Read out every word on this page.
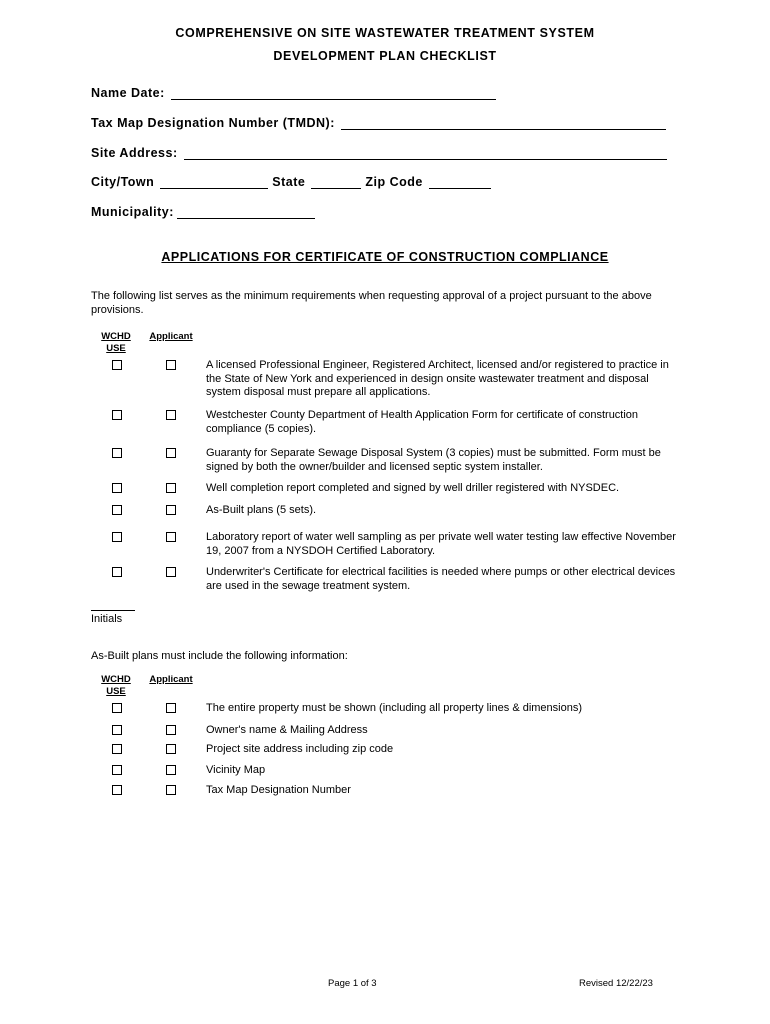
COMPREHENSIVE ON SITE WASTEWATER TREATMENT SYSTEM
DEVELOPMENT PLAN CHECKLIST
Name Date:
Tax Map Designation Number (TMDN):
Site Address:
City/Town	State	Zip Code
Municipality:
APPLICATIONS FOR CERTIFICATE OF CONSTRUCTION COMPLIANCE
The following list serves as the minimum requirements when requesting approval of a project pursuant to the above provisions.
WCHD
USE
Applicant
A licensed Professional Engineer, Registered Architect, licensed and/or registered to practice in the State of New York and experienced in design onsite wastewater treatment and disposal system disposal must prepare all applications.
Westchester County Department of Health Application Form for certificate of construction compliance (5 copies).
Guaranty for Separate Sewage Disposal System (3 copies) must be submitted. Form must be signed by both the owner/builder and licensed septic system installer.
Well completion report completed and signed by well driller registered with NYSDEC.
As-Built plans (5 sets).
Laboratory report of water well sampling as per private well water testing law effective November 19, 2007 from a NYSDOH Certified Laboratory.
Underwriter's Certificate for electrical facilities is needed where pumps or other electrical devices are used in the sewage treatment system.
Initials
As-Built plans must include the following information:
WCHD
USE
Applicant
The entire property must be shown (including all property lines & dimensions)
Owner's name & Mailing Address
Project site address including zip code
Vicinity Map
Tax Map Designation Number
Page 1 of 3	Revised 12/22/23
